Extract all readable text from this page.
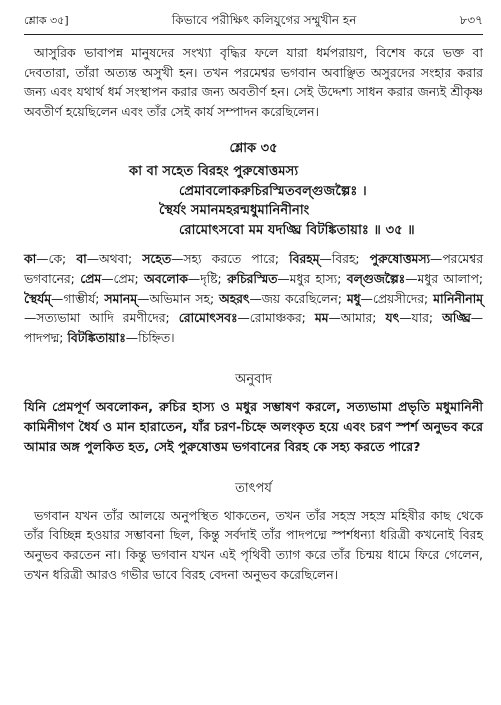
শ্লোক ৩৫]	কিভাবে পরীক্ষিৎ কলিযুগের সম্মুখীন হন	৮৩৭

আসুরিক ভাবাপন্ন মানুষদের সংখ্যা বৃদ্ধির ফলে যারা ধর্মপরায়ণ, বিশেষ করে ভক্ত বা দেবতারা, তাঁরা অত্যন্ত অসুখী হন। তখন পরমেশ্বর ভগবান অবাঞ্ছিত অসুরদের সংহার করার জন্য এবং যথার্থ ধর্ম সংস্থাপন করার জন্য অবতীর্ণ হন। সেই উদ্দেশ্য সাধন করার জন্যই শ্রীকৃষ্ণ অবতীর্ণ হয়েছিলেন এবং তাঁর সেই কার্য সম্পাদন করেছিলেন।

শ্লোক ৩৫
কা বা সহেত বিরহং পুরুষোত্তমস্য
প্রেমাবলোকরুচিরস্মিতবল্গুজল্পৈঃ ।
স্থৈর্যং সমানমহরন্মধুমানিনীনাং
রোমোৎসবো মম যদঙ্ঘ্রি বিটঙ্কিতায়াঃ ॥ ৩৫ ॥

কা—কে; বা—অথবা; সহেত—সহ্য করতে পারে; বিরহম্—বিরহ; পুরুষোত্তমস্য—পরমেশ্বর ভগবানের; প্রেম—প্রেম; অবলোক—দৃষ্টি; রুচিরস্মিত—মধুর হাস্য; বল্গুজল্পৈঃ—মধুর আলাপ; স্থৈর্যম্—গাম্ভীর্য; সমানম্—অভিমান সহ; অহরৎ—জয় করেছিলেন; মধু—প্রেয়সীদের; মানিনীনাম্—সত্যভামা আদি রমণীদের; রোমোৎসবঃ—রোমাঞ্চকর; মম—আমার; যৎ—যার; অঙ্ঘ্রি—পাদপদ্ম; বিটঙ্কিতায়াঃ—চিহ্নিত।

অনুবাদ

যিনি প্রেমপূর্ণ অবলোকন, রুচির হাস্য ও মধুর সম্ভাষণ করলে, সত্যভামা প্রভৃতি মধুমানিনী কামিনীগণ ধৈর্য ও মান হারাতেন, যাঁর চরণ-চিহ্নে অলংকৃত হয়ে এবং চরণ স্পর্শ অনুভব করে আমার অঙ্গ পুলকিত হত, সেই পুরুষোত্তম ভগবানের বিরহ কে সহ্য করতে পারে?

তাৎপর্য

ভগবান যখন তাঁর আলয়ে অনুপস্থিত থাকতেন, তখন তাঁর সহস্র সহস্র মহিষীর কাছ থেকে তাঁর বিচ্ছিন্ন হওয়ার সম্ভাবনা ছিল, কিন্তু সর্বদাই তাঁর পাদপদ্মে স্পর্শধন্যা ধরিত্রী কখনোই বিরহ অনুভব করতেন না। কিন্তু ভগবান যখন এই পৃথিবী ত্যাগ করে তাঁর চিন্ময় ধামে ফিরে গেলেন, তখন ধরিত্রী আরও গভীর ভাবে বিরহ বেদনা অনুভব করেছিলেন।
